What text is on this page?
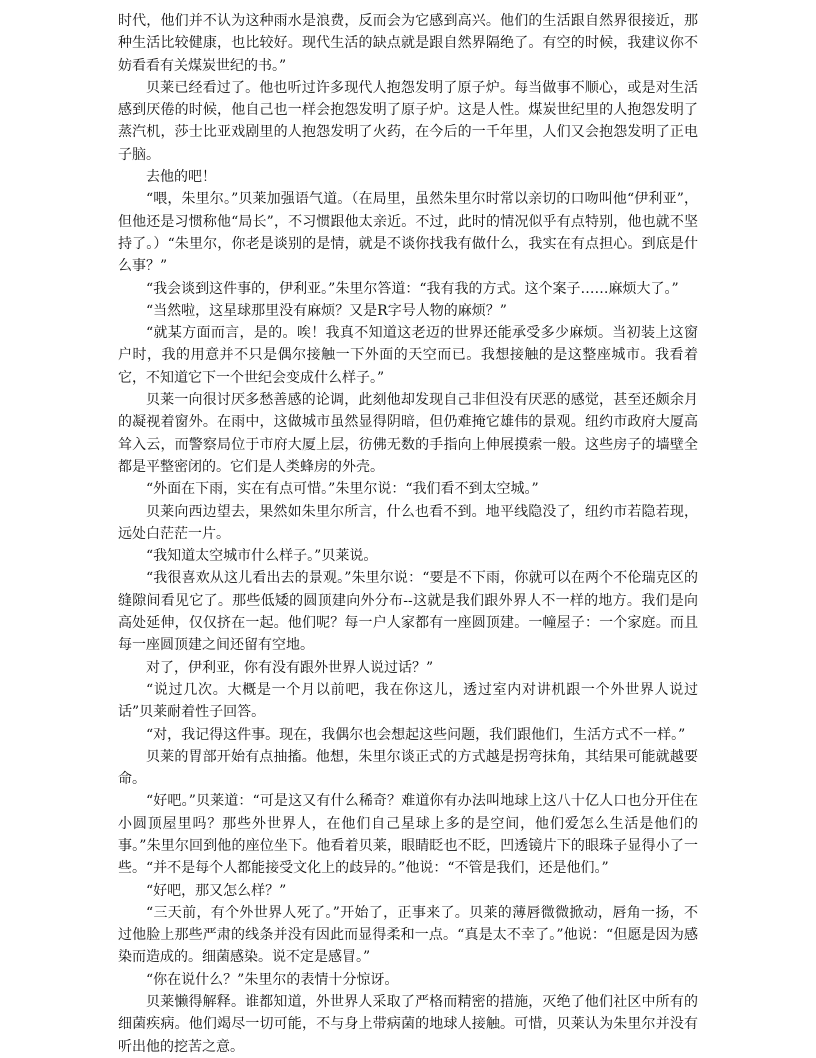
时代，他们并不认为这种雨水是浪费，反而会为它感到高兴。他们的生活跟自然界很接近，那种生活比较健康，也比较好。现代生活的缺点就是跟自然界隔绝了。有空的时候，我建议你不妨看看有关煤炭世纪的书。”

贝莱已经看过了。他也听过许多现代人抱怨发明了原子炉。每当做事不顺心，或是对生活感到厌倦的时候，他自己也一样会抱怨发明了原子炉。这是人性。煤炭世纪里的人抱怨发明了蒸汽机，莎士比亚戏剧里的人抱怨发明了火药，在今后的一千年里，人们又会抱怨发明了正电子脑。

去他的吧！

“喂，朱里尔。”贝莱加强语气道。（在局里，虽然朱里尔时常以亲切的口吻叫他“伊利亚”，但他还是习惯称他“局长”，不习惯跟他太亲近。不过，此时的情况似乎有点特别，他也就不坚持了。）“朱里尔，你老是谈别的是情，就是不谈你找我有做什么，我实在有点担心。到底是什么事？”

“我会谈到这件事的，伊利亚。”朱里尔答道：“我有我的方式。这个案子……麻烦大了。”

“当然啦，这星球那里没有麻烦？又是R字号人物的麻烦？”

“就某方面而言，是的。唉！我真不知道这老迈的世界还能承受多少麻烦。当初装上这窗户时，我的用意并不只是偶尔接触一下外面的天空而已。我想接触的是这整座城市。我看着它，不知道它下一个世纪会变成什么样子。”

贝莱一向很讨厌多愁善感的论调，此刻他却发现自己非但没有厌恶的感觉，甚至还颇余月的凝视着窗外。在雨中，这做城市虽然显得阴暗，但仍难掩它雄伟的景观。纽约市政府大厦高耸入云，而警察局位于市府大厦上层，彷佛无数的手指向上伸展摸索一般。这些房子的墙壁全都是平整密闭的。它们是人类蜂房的外壳。

“外面在下雨，实在有点可惜。”朱里尔说：“我们看不到太空城。”

贝莱向西边望去，果然如朱里尔所言，什么也看不到。地平线隐没了，纽约市若隐若现，远处白茫茫一片。

“我知道太空城市什么样子。”贝莱说。

“我很喜欢从这儿看出去的景观。”朱里尔说：“要是不下雨，你就可以在两个不伦瑞克区的缝隙间看见它了。那些低矮的圆顶建向外分布--这就是我们跟外界人不一样的地方。我们是向高处延伸，仅仅挤在一起。他们呢？每一户人家都有一座圆顶建。一幢屋子：一个家庭。而且每一座圆顶建之间还留有空地。

对了，伊利亚，你有没有跟外世界人说过话？”

“说过几次。大概是一个月以前吧，我在你这儿，透过室内对讲机跟一个外世界人说过话”贝莱耐着性子回答。

“对，我记得这件事。现在，我偶尔也会想起这些问题，我们跟他们，生活方式不一样。”

贝莱的胃部开始有点抽搐。他想，朱里尔谈正式的方式越是拐弯抹角，其结果可能就越要命。

“好吧。”贝莱道：“可是这又有什么稀奇？难道你有办法叫地球上这八十亿人口也分开住在小圆顶屋里吗？那些外世界人，在他们自己星球上多的是空间，他们爱怎么生活是他们的事。”朱里尔回到他的座位坐下。他看着贝莱，眼睛眨也不眨，凹透镜片下的眼珠子显得小了一些。“并不是每个人都能接受文化上的歧异的。”他说：“不管是我们，还是他们。”

“好吧，那又怎么样？”

“三天前，有个外世界人死了。”开始了，正事来了。贝莱的薄唇微微掀动，唇角一扬，不过他脸上那些严肃的线条并没有因此而显得柔和一点。“真是太不幸了。”他说：“但愿是因为感染而造成的。细菌感染。说不定是感冒。”

“你在说什么？”朱里尔的表情十分惊讶。

贝莱懒得解释。谁都知道，外世界人采取了严格而精密的措施，灭绝了他们社区中所有的细菌疾病。他们竭尽一切可能，不与身上带病菌的地球人接触。可惜，贝莱认为朱里尔并没有听出他的挖苦之意。
